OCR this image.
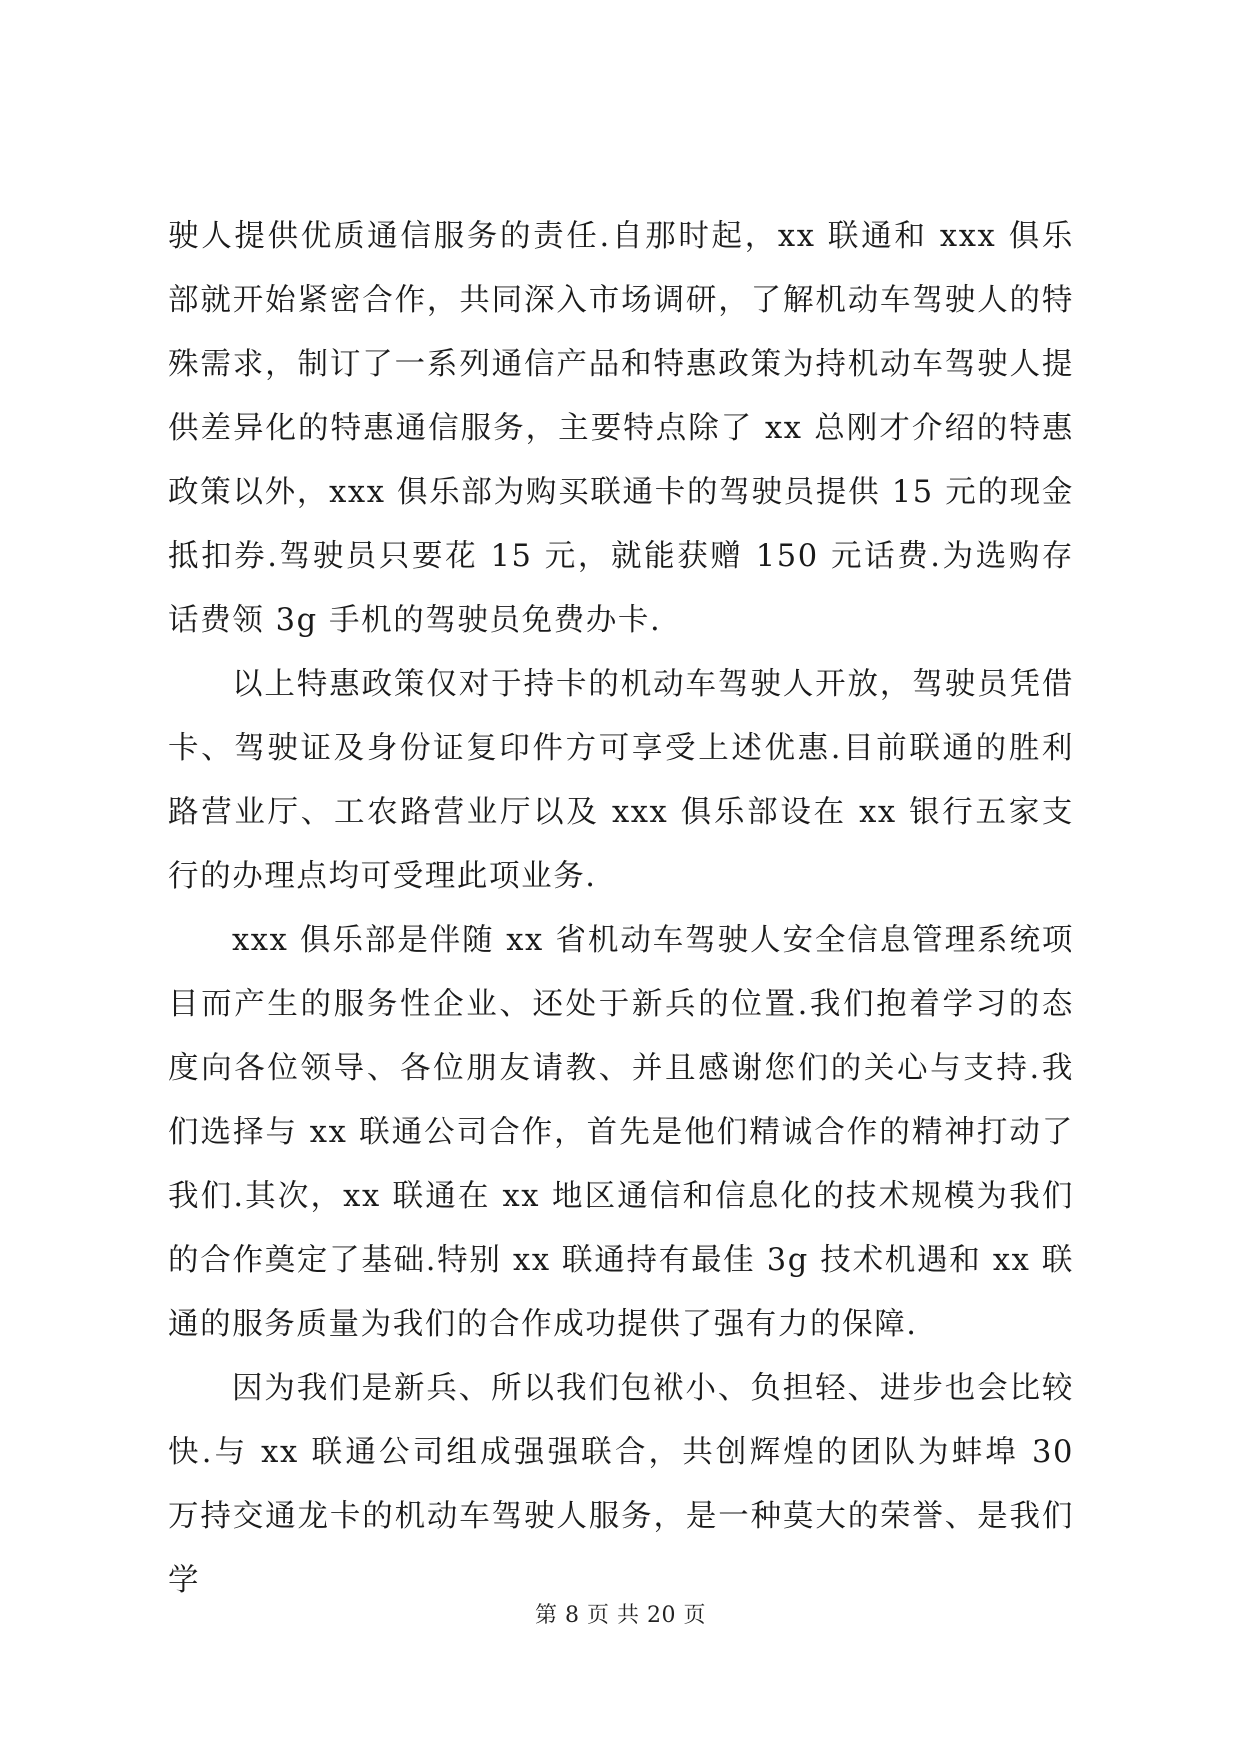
驶人提供优质通信服务的责任.自那时起，xx 联通和 xxx 俱乐部就开始紧密合作，共同深入市场调研，了解机动车驾驶人的特殊需求，制订了一系列通信产品和特惠政策为持机动车驾驶人提供差异化的特惠通信服务，主要特点除了 xx 总刚才介绍的特惠政策以外，xxx 俱乐部为购买联通卡的驾驶员提供 15 元的现金抵扣券.驾驶员只要花 15 元，就能获赠 150 元话费.为选购存话费领 3g 手机的驾驶员免费办卡.

以上特惠政策仅对于持卡的机动车驾驶人开放，驾驶员凭借卡、驾驶证及身份证复印件方可享受上述优惠.目前联通的胜利路营业厅、工农路营业厅以及 xxx 俱乐部设在 xx 银行五家支行的办理点均可受理此项业务.

xxx 俱乐部是伴随 xx 省机动车驾驶人安全信息管理系统项目而产生的服务性企业、还处于新兵的位置.我们抱着学习的态度向各位领导、各位朋友请教、并且感谢您们的关心与支持.我们选择与 xx 联通公司合作，首先是他们精诚合作的精神打动了我们.其次，xx 联通在 xx 地区通信和信息化的技术规模为我们的合作奠定了基础.特别 xx 联通持有最佳 3g 技术机遇和 xx 联通的服务质量为我们的合作成功提供了强有力的保障.

因为我们是新兵、所以我们包袱小、负担轻、进步也会比较快.与 xx 联通公司组成强强联合，共创辉煌的团队为蚌埠 30 万持交通龙卡的机动车驾驶人服务，是一种莫大的荣誉、是我们学

第 8 页 共 20 页
